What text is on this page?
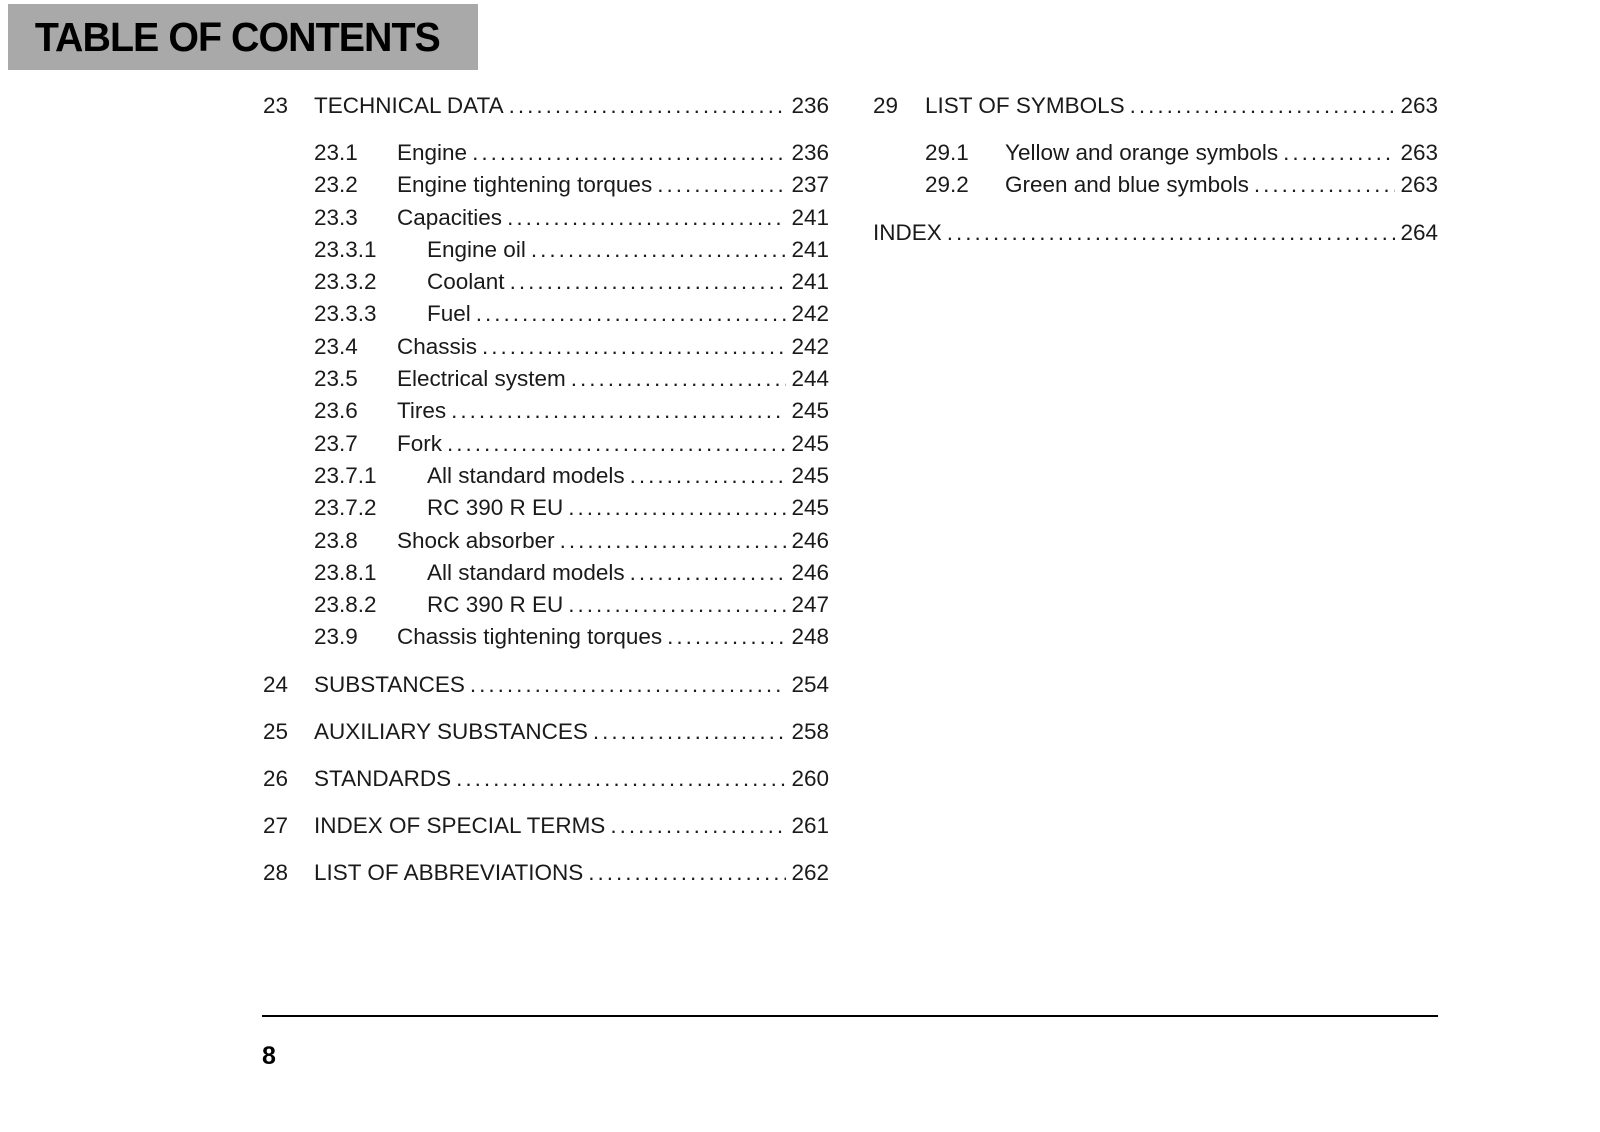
TABLE OF CONTENTS
23	TECHNICAL DATA .....	236
23.1	Engine .....	236
23.2	Engine tightening torques .....	237
23.3	Capacities .....	241
23.3.1	Engine oil .....	241
23.3.2	Coolant .....	241
23.3.3	Fuel .....	242
23.4	Chassis .....	242
23.5	Electrical system .....	244
23.6	Tires .....	245
23.7	Fork .....	245
23.7.1	All standard models .....	245
23.7.2	RC 390 R EU .....	245
23.8	Shock absorber .....	246
23.8.1	All standard models .....	246
23.8.2	RC 390 R EU .....	247
23.9	Chassis tightening torques .....	248
24	SUBSTANCES .....	254
25	AUXILIARY SUBSTANCES .....	258
26	STANDARDS .....	260
27	INDEX OF SPECIAL TERMS .....	261
28	LIST OF ABBREVIATIONS .....	262
29	LIST OF SYMBOLS .....	263
29.1	Yellow and orange symbols .....	263
29.2	Green and blue symbols .....	263
INDEX .....	264
8
